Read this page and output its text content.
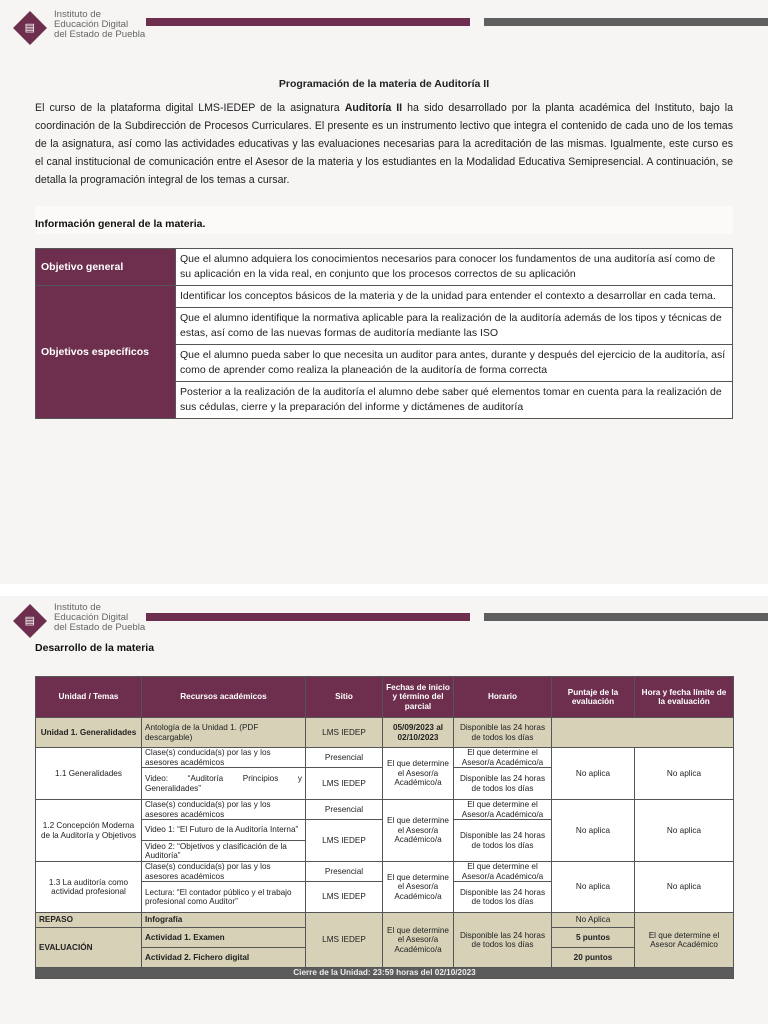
▤
Instituto de
Educación Digital
del Estado de Puebla
Programación de la materia de Auditoría II
El curso de la plataforma digital LMS-IEDEP de la asignatura Auditoría II ha sido desarrollado por la planta académica del Instituto, bajo la coordinación de la Subdirección de Procesos Curriculares. El presente es un instrumento lectivo que integra el contenido de cada uno de los temas de la asignatura, así como las actividades educativas y las evaluaciones necesarias para la acreditación de las mismas. Igualmente, este curso es el canal institucional de comunicación entre el Asesor de la materia y los estudiantes en la Modalidad Educativa Semipresencial. A continuación, se detalla la programación integral de los temas a cursar.
Información general de la materia.
Objetivo general	Que el alumno adquiera los conocimientos necesarios para conocer los fundamentos de una auditoría así como de su aplicación en la vida real, en conjunto que los procesos correctos de su aplicación
Objetivos específicos	Identificar los conceptos básicos de la materia y de la unidad para entender el contexto a desarrollar en cada tema.
	Que el alumno identifique la normativa aplicable para la realización de la auditoría además de los tipos y técnicas de estas, así como de las nuevas formas de auditoría mediante las ISO
	Que el alumno pueda saber lo que necesita un auditor para antes, durante y después del ejercicio de la auditoría, así como de aprender como realiza la planeación de la auditoría de forma correcta
	Posterior a la realización de la auditoría el alumno debe saber qué elementos tomar en cuenta para la realización de sus cédulas, cierre y la preparación del informe y dictámenes de auditoría
▤
Instituto de
Educación Digital
del Estado de Puebla
Desarrollo de la materia
Unidad / Temas	Recursos académicos	Sitio	Fechas de inicio y término del parcial	Horario	Puntaje de la evaluación	Hora y fecha límite de la evaluación
Unidad 1. Generalidades	Antología de la Unidad 1. (PDF descargable)	LMS IEDEP	05/09/2023 al 02/10/2023	Disponible las 24 horas de todos los días		
1.1 Generalidades	Clase(s) conducida(s) por las y los asesores académicos	Presencial	El que determine el Asesor/a Académico/a	El que determine el Asesor/a Académico/a	No aplica	No aplica
	Video: “Auditoría Principios y Generalidades”	LMS IEDEP		Disponible las 24 horas de todos los días		
1.2 Concepción Moderna de la Auditoría y Objetivos	Clase(s) conducida(s) por las y los asesores académicos	Presencial	El que determine el Asesor/a Académico/a	El que determine el Asesor/a Académico/a	No aplica	No aplica
	Video 1: “El Futuro de la Auditoría Interna”	LMS IEDEP		Disponible las 24 horas de todos los días		
	Video 2: “Objetivos y clasificación de la Auditoría”					
1.3 La auditoría como actividad profesional	Clase(s) conducida(s) por las y los asesores académicos	Presencial	El que determine el Asesor/a Académico/a	El que determine el Asesor/a Académico/a	No aplica	No aplica
	Lectura: “El contador público y el trabajo profesional como Auditor”	LMS IEDEP		Disponible las 24 horas de todos los días		
REPASO	Infografía	LMS IEDEP	El que determine el Asesor/a Académico/a	Disponible las 24 horas de todos los días	No Aplica	El que determine el Asesor Académico
EVALUACIÓN	Actividad 1. Examen				5 puntos	
	Actividad 2. Fichero digital				20 puntos	
Cierre de la Unidad: 23:59 horas del 02/10/2023						
